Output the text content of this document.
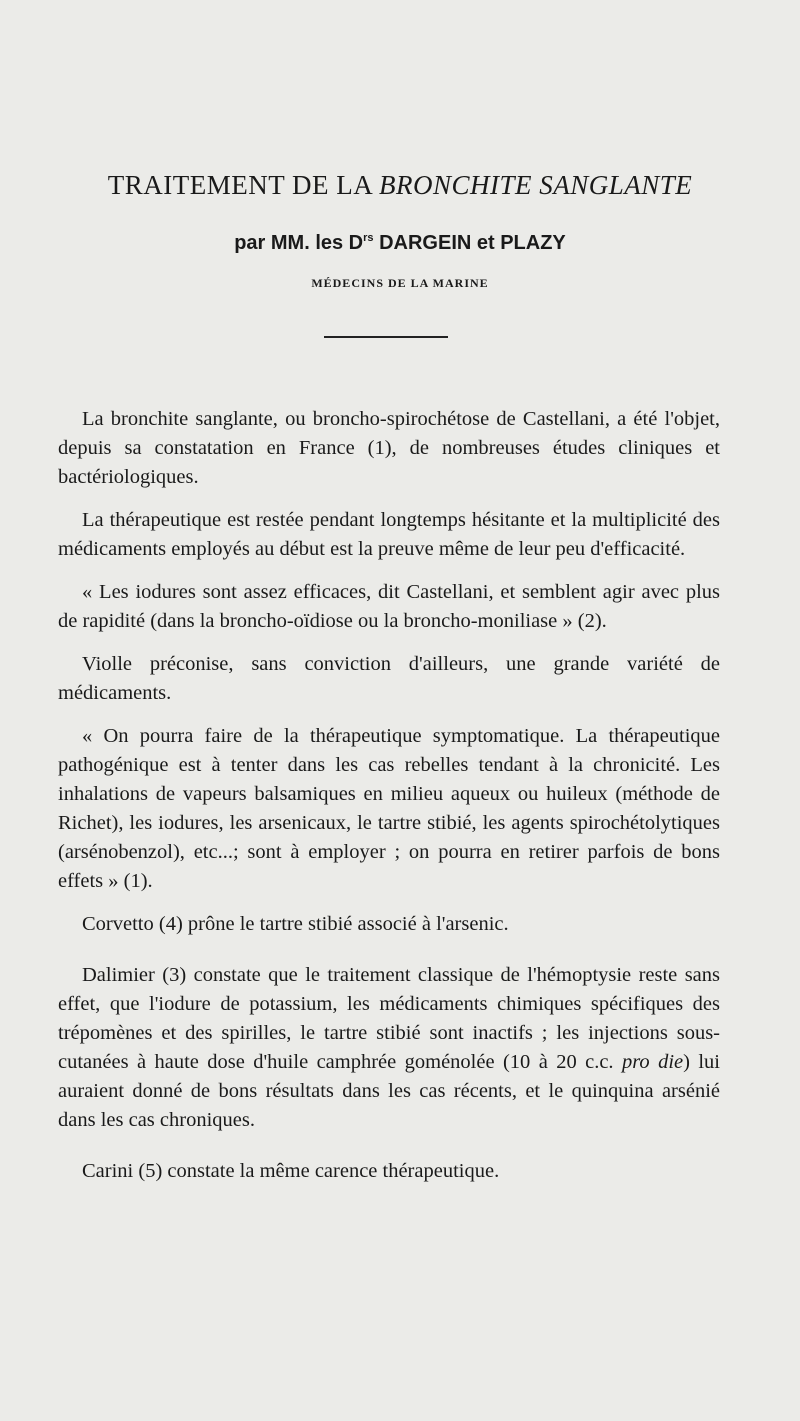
TRAITEMENT DE LA BRONCHITE SANGLANTE
par MM. les $D^{rs}$ DARGEIN et PLAZY
MÉDECINS DE LA MARINE

La bronchite sanglante, ou broncho-spirochétose de Castellani, a été l'objet, depuis sa constatation en France (1), de nombreuses études cliniques et bactériologiques.

La thérapeutique est restée pendant longtemps hésitante et la multiplicité des médicaments employés au début est la preuve même de leur peu d'efficacité.

« Les iodures sont assez efficaces, dit Castellani, et semblent agir avec plus de rapidité (dans la broncho-oïdiose ou la broncho-moniliase » (2).

Violle préconise, sans conviction d'ailleurs, une grande variété de médicaments.

« On pourra faire de la thérapeutique symptomatique. La thérapeutique pathogénique est à tenter dans les cas rebelles tendant à la chronicité. Les inhalations de vapeurs balsamiques en milieu aqueux ou huileux (méthode de Richet), les iodures, les arsenicaux, le tartre stibié, les agents spirochétolytiques (arsénobenzol), etc...; sont à employer ; on pourra en retirer parfois de bons effets » (1).

Corvetto (4) prône le tartre stibié associé à l'arsenic.

Dalimier (3) constate que le traitement classique de l'hémoptysie reste sans effet, que l'iodure de potassium, les médicaments chimiques spécifiques des trépomènes et des spirilles, le tartre stibié sont inactifs ; les injections sous-cutanées à haute dose d'huile camphrée goménolée (10 à 20 c.c. pro die) lui auraient donné de bons résultats dans les cas récents, et le quinquina arsénié dans les cas chroniques.

Carini (5) constate la même carence thérapeutique.
